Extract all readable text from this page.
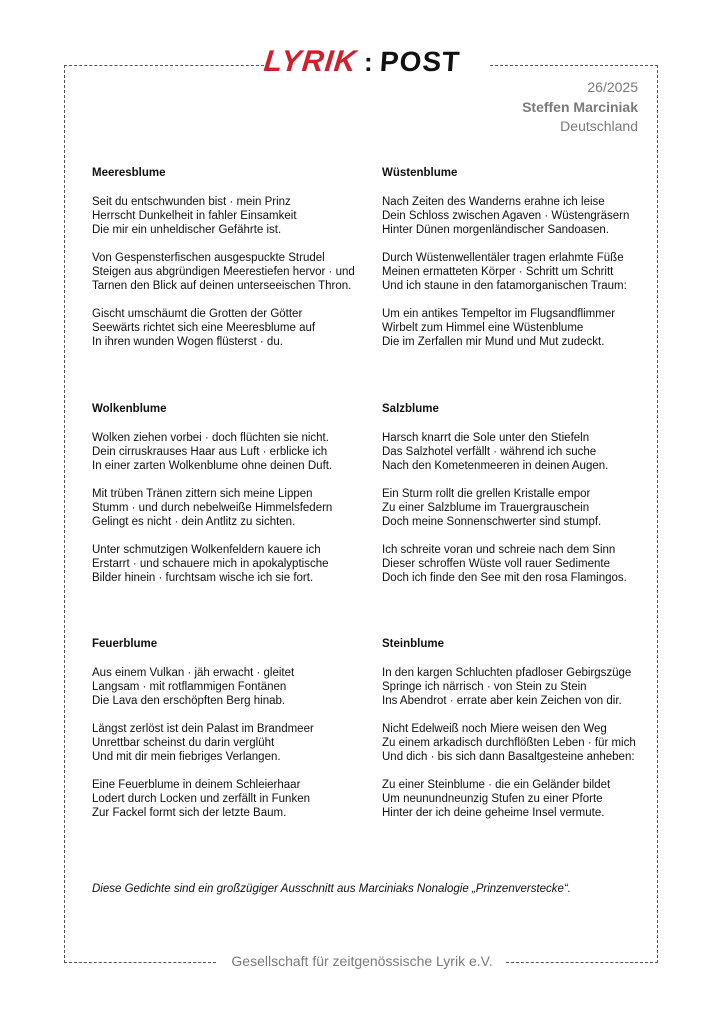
LYRIK : POST
26/2025
Steffen Marciniak
Deutschland
Meeresblume
Seit du entschwunden bist · mein Prinz
Herrscht Dunkelheit in fahler Einsamkeit
Die mir ein unheldischer Gefährte ist.
Von Gespensterfischen ausgespuckte Strudel
Steigen aus abgründigen Meerestiefen hervor · und
Tarnen den Blick auf deinen unterseeischen Thron.
Gischt umschäumt die Grotten der Götter
Seewärts richtet sich eine Meeresblume auf
In ihren wunden Wogen flüsterst · du.
Wüstenblume
Nach Zeiten des Wanderns erahne ich leise
Dein Schloss zwischen Agaven · Wüstengräsern
Hinter Dünen morgenländischer Sandoasen.
Durch Wüstenwellentäler tragen erlahmte Füße
Meinen ermatteten Körper · Schritt um Schritt
Und ich staune in den fatamorganischen Traum:
Um ein antikes Tempeltor im Flugsandflimmer
Wirbelt zum Himmel eine Wüstenblume
Die im Zerfallen mir Mund und Mut zudeckt.
Wolkenblume
Wolken ziehen vorbei · doch flüchten sie nicht.
Dein cirruskrauses Haar aus Luft · erblicke ich
In einer zarten Wolkenblume ohne deinen Duft.
Mit trüben Tränen zittern sich meine Lippen
Stumm · und durch nebelweiße Himmelsfedern
Gelingt es nicht · dein Antlitz zu sichten.
Unter schmutzigen Wolkenfeldern kauere ich
Erstarrt · und schauere mich in apokalyptische
Bilder hinein · furchtsam wische ich sie fort.
Salzblume
Harsch knarrt die Sole unter den Stiefeln
Das Salzhotel verfällt · während ich suche
Nach den Kometenmeeren in deinen Augen.
Ein Sturm rollt die grellen Kristalle empor
Zu einer Salzblume im Trauergrauschein
Doch meine Sonnenschwerter sind stumpf.
Ich schreite voran und schreie nach dem Sinn
Dieser schroffen Wüste voll rauer Sedimente
Doch ich finde den See mit den rosa Flamingos.
Feuerblume
Aus einem Vulkan · jäh erwacht · gleitet
Langsam · mit rotflammigen Fontänen
Die Lava den erschöpften Berg hinab.
Längst zerlöst ist dein Palast im Brandmeer
Unrettbar scheinst du darin verglüht
Und mit dir mein fiebriges Verlangen.
Eine Feuerblume in deinem Schleierhaar
Lodert durch Locken und zerfällt in Funken
Zur Fackel formt sich der letzte Baum.
Steinblume
In den kargen Schluchten pfadloser Gebirgszüge
Springe ich närrisch · von Stein zu Stein
Ins Abendrot · errate aber kein Zeichen von dir.
Nicht Edelweiß noch Miere weisen den Weg
Zu einem arkadisch durchflößten Leben · für mich
Und dich · bis sich dann Basaltgesteine anheben:
Zu einer Steinblume · die ein Geländer bildet
Um neunundneunzig Stufen zu einer Pforte
Hinter der ich deine geheime Insel vermute.
Diese Gedichte sind ein großzügiger Ausschnitt aus Marciniaks Nonalogie „Prinzenverstecke“.
Gesellschaft für zeitgenössische Lyrik e.V.
